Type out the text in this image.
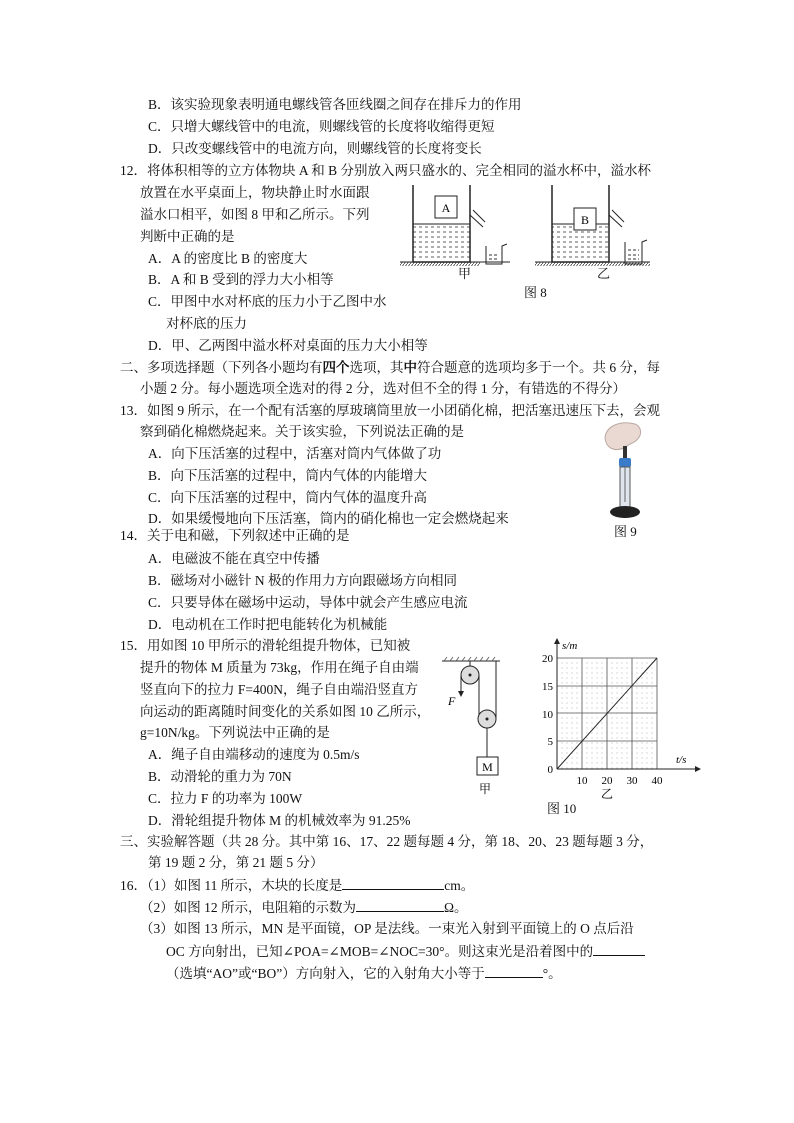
B．该实验现象表明通电螺线管各匝线圈之间存在排斥力的作用
C．只增大螺线管中的电流，则螺线管的长度将收缩得更短
D．只改变螺线管中的电流方向，则螺线管的长度将变长
12．将体积相等的立方体物块 A 和 B 分别放入两只盛水的、完全相同的溢水杯中，溢水杯
放置在水平桌面上，物块静止时水面跟
溢水口相平，如图 8 甲和乙所示。下列
判断中正确的是
A．A 的密度比 B 的密度大
B．A 和 B 受到的浮力大小相等
C．甲图中水对杯底的压力小于乙图中水
对杯底的压力
D．甲、乙两图中溢水杯对桌面的压力大小相等
A
B
甲	乙
图 8
二、多项选择题（下列各小题均有四个选项，其中符合题意的选项均多于一个。共 6 分，每
小题 2 分。每小题选项全选对的得 2 分，选对但不全的得 1 分，有错选的不得分）
13．如图 9 所示，在一个配有活塞的厚玻璃筒里放一小团硝化棉，把活塞迅速压下去，会观
察到硝化棉燃烧起来。关于该实验，下列说法正确的是
A．向下压活塞的过程中，活塞对筒内气体做了功
B．向下压活塞的过程中，筒内气体的内能增大
C．向下压活塞的过程中，筒内气体的温度升高
D．如果缓慢地向下压活塞，筒内的硝化棉也一定会燃烧起来
图 9
14．关于电和磁，下列叙述中正确的是
A．电磁波不能在真空中传播
B．磁场对小磁针 N 极的作用力方向跟磁场方向相同
C．只要导体在磁场中运动，导体中就会产生感应电流
D．电动机在工作时把电能转化为机械能
15．用如图 10 甲所示的滑轮组提升物体，已知被
提升的物体 M 质量为 73kg，作用在绳子自由端
竖直向下的拉力 F=400N，绳子自由端沿竖直方
向运动的距离随时间变化的关系如图 10 乙所示，
g=10N/kg。下列说法中正确的是
A．绳子自由端移动的速度为 0.5m/s
B．动滑轮的重力为 70N
C．拉力 F 的功率为 100W
D．滑轮组提升物体 M 的机械效率为 91.25%
F
M
甲
s/m
t/s
0
5
10
15
20
10 20 30 40
乙
图 10
三、实验解答题（共 28 分。其中第 16、17、22 题每题 4 分，第 18、20、23 题每题 3 分，
第 19 题 2 分，第 21 题 5 分）
16．（1）如图 11 所示，木块的长度是	cm。
（2）如图 12 所示，电阻箱的示数为	Ω。
（3）如图 13 所示，MN 是平面镜，OP 是法线。一束光入射到平面镜上的 O 点后沿
OC 方向射出，已知∠POA=∠MOB=∠NOC=30°。则这束光是沿着图中的
（选填“AO”或“BO”）方向射入，它的入射角大小等于	°。
